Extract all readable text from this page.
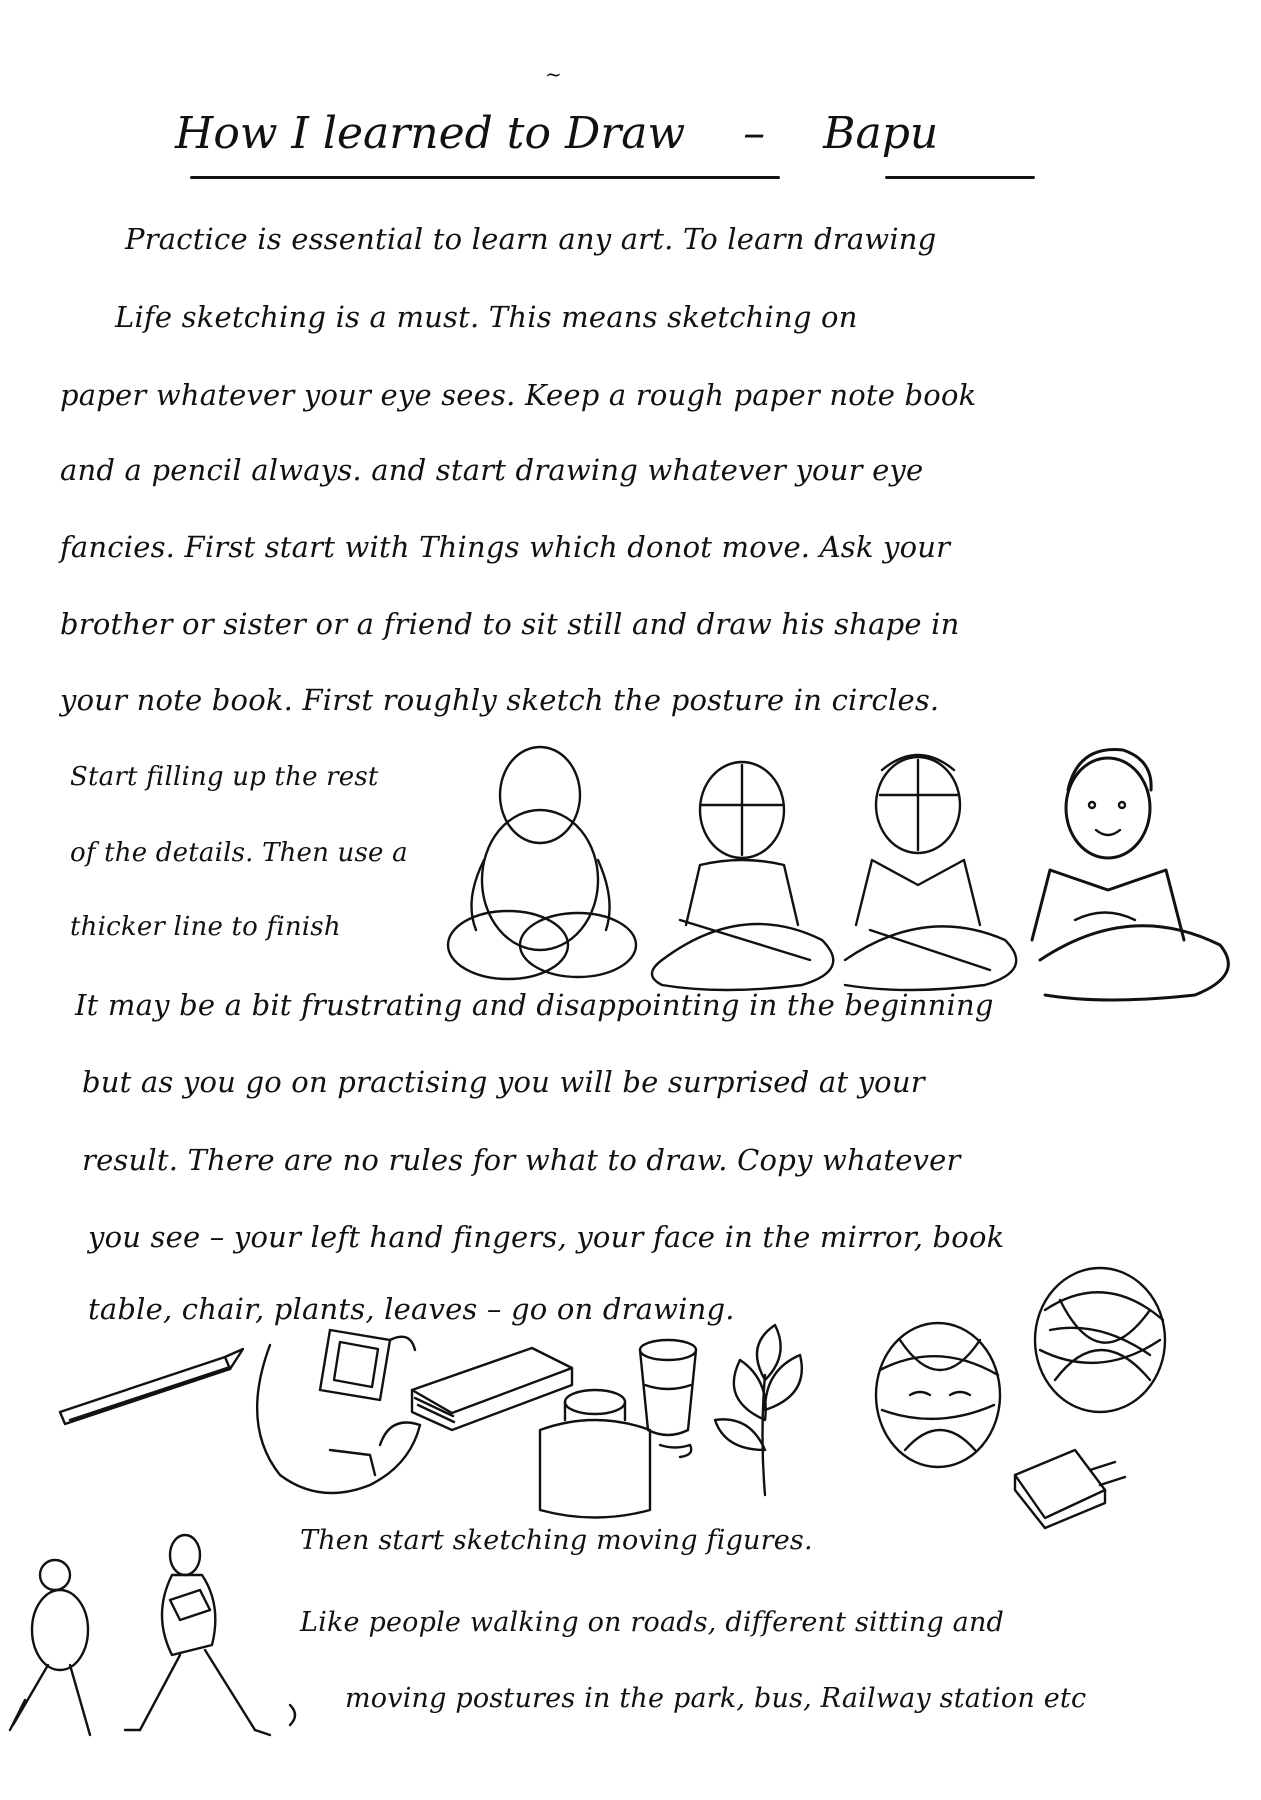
~
How I learned to Draw – Bapu
Practice is essential to learn any art. To learn drawing
Life sketching is a must. This means sketching on
paper whatever your eye sees. Keep a rough paper note book
and a pencil always. and start drawing whatever your eye
fancies. First start with Things which donot move. Ask your
brother or sister or a friend to sit still and draw his shape in
your note book. First roughly sketch the posture in circles.
Start filling up the rest
of the details. Then use a
thicker line to finish
It may be a bit frustrating and disappointing in the beginning
but as you go on practising you will be surprised at your
result. There are no rules for what to draw. Copy whatever
you see – your left hand fingers, your face in the mirror, book
table, chair, plants, leaves – go on drawing.
Then start sketching moving figures.
Like people walking on roads, different sitting and
moving postures in the park, bus, Railway station etc
